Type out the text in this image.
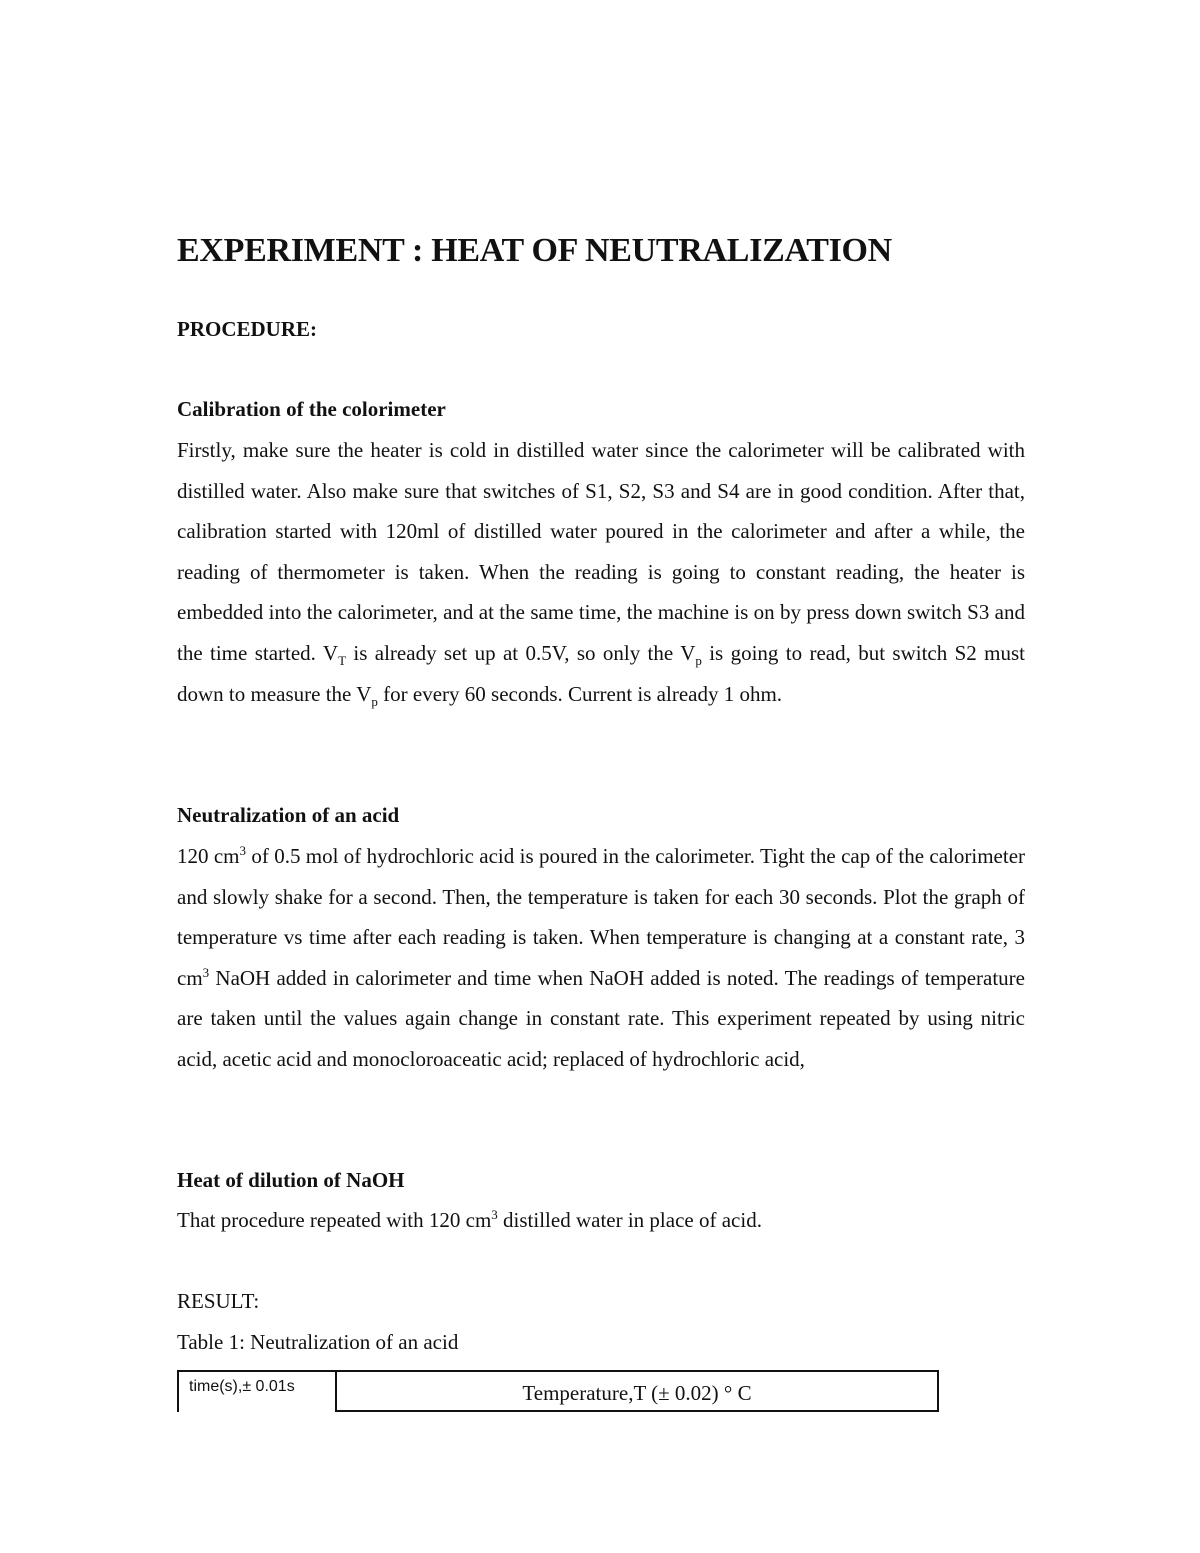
EXPERIMENT : HEAT OF NEUTRALIZATION
PROCEDURE:
Calibration of the colorimeter

Firstly, make sure the heater is cold in distilled water since the calorimeter will be calibrated with distilled water. Also make sure that switches of S1, S2, S3 and S4 are in good condition. After that, calibration started with 120ml of distilled water poured in the calorimeter and after a while, the reading of thermometer is taken. When the reading is going to constant reading, the heater is embedded into the calorimeter, and at the same time, the machine is on by press down switch S3 and the time started. $V_T$ is already set up at 0.5V, so only the $V_p$ is going to read, but switch S2 must down to measure the $V_p$ for every 60 seconds. Current is already 1 ohm.

Neutralization of an acid

120 $cm^3$ of 0.5 mol of hydrochloric acid is poured in the calorimeter. Tight the cap of the calorimeter and slowly shake for a second. Then, the temperature is taken for each 30 seconds. Plot the graph of temperature vs time after each reading is taken. When temperature is changing at a constant rate, 3 $cm^3$ NaOH added in calorimeter and time when NaOH added is noted. The readings of temperature are taken until the values again change in constant rate. This experiment repeated by using nitric acid, acetic acid and monocloroaceatic acid; replaced of hydrochloric acid,

Heat of dilution of NaOH

That procedure repeated with 120 $cm^3$ distilled water in place of acid.

RESULT:
Table 1: Neutralization of an acid
time(s),± 0.01s	Temperature,T (± 0.02) ° C
